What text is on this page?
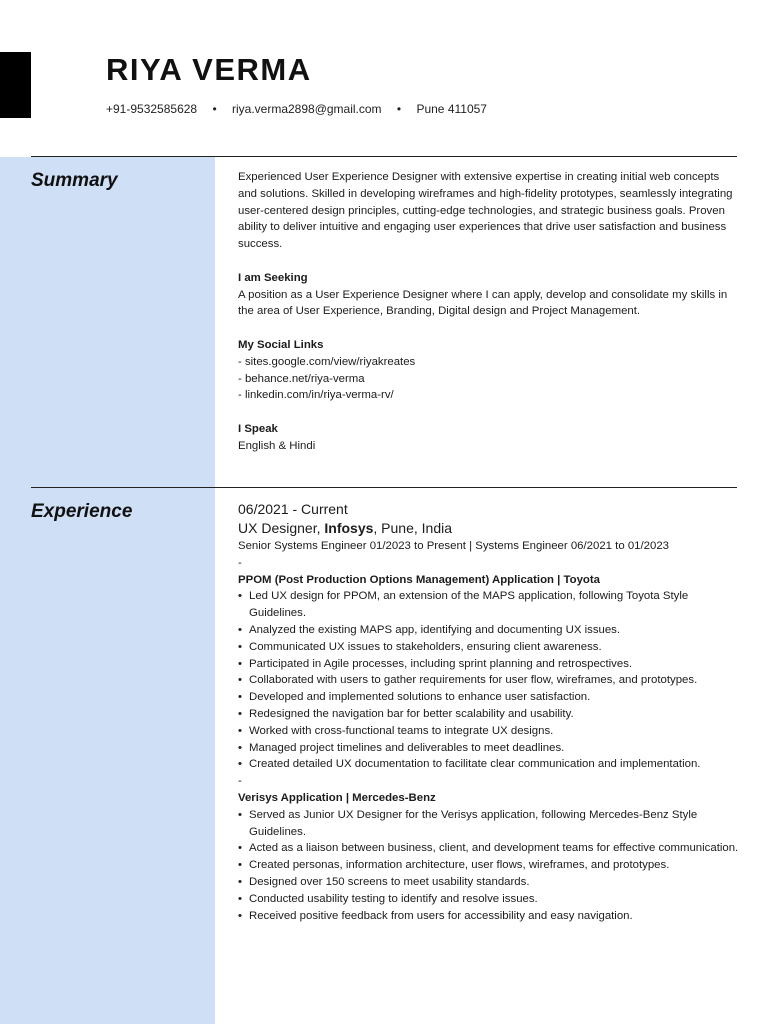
RIYA VERMA
+91-9532585628 • riya.verma2898@gmail.com • Pune 411057
Summary	Experienced User Experience Designer with extensive expertise in creating initial web concepts and solutions. Skilled in developing wireframes and high-fidelity prototypes, seamlessly integrating user-centered design principles, cutting-edge technologies, and strategic business goals. Proven ability to deliver intuitive and engaging user experiences that drive user satisfaction and business success.

I am Seeking

A position as a User Experience Designer where I can apply, develop and consolidate my skills in the area of User Experience, Branding, Digital design and Project Management.

My Social Links

- sites.google.com/view/riyakreates

- behance.net/riya-verma

- linkedin.com/in/riya-verma-rv/

I Speak

English & Hindi

Experience	06/2021 - Current

UX Designer, Infosys, Pune, India

Senior Systems Engineer 01/2023 to Present | Systems Engineer 06/2021 to 01/2023

-

PPOM (Post Production Options Management) Application | Toyota

• Led UX design for PPOM, an extension of the MAPS application, following Toyota Style Guidelines.
• Analyzed the existing MAPS app, identifying and documenting UX issues.
• Communicated UX issues to stakeholders, ensuring client awareness.
• Participated in Agile processes, including sprint planning and retrospectives.
• Collaborated with users to gather requirements for user flow, wireframes, and prototypes.
• Developed and implemented solutions to enhance user satisfaction.
• Redesigned the navigation bar for better scalability and usability.
• Worked with cross-functional teams to integrate UX designs.
• Managed project timelines and deliverables to meet deadlines.
• Created detailed UX documentation to facilitate clear communication and implementation.

-

Verisys Application | Mercedes-Benz

• Served as Junior UX Designer for the Verisys application, following Mercedes-Benz Style Guidelines.
• Acted as a liaison between business, client, and development teams for effective communication.
• Created personas, information architecture, user flows, wireframes, and prototypes.
• Designed over 150 screens to meet usability standards.
• Conducted usability testing to identify and resolve issues.
• Received positive feedback from users for accessibility and easy navigation.
